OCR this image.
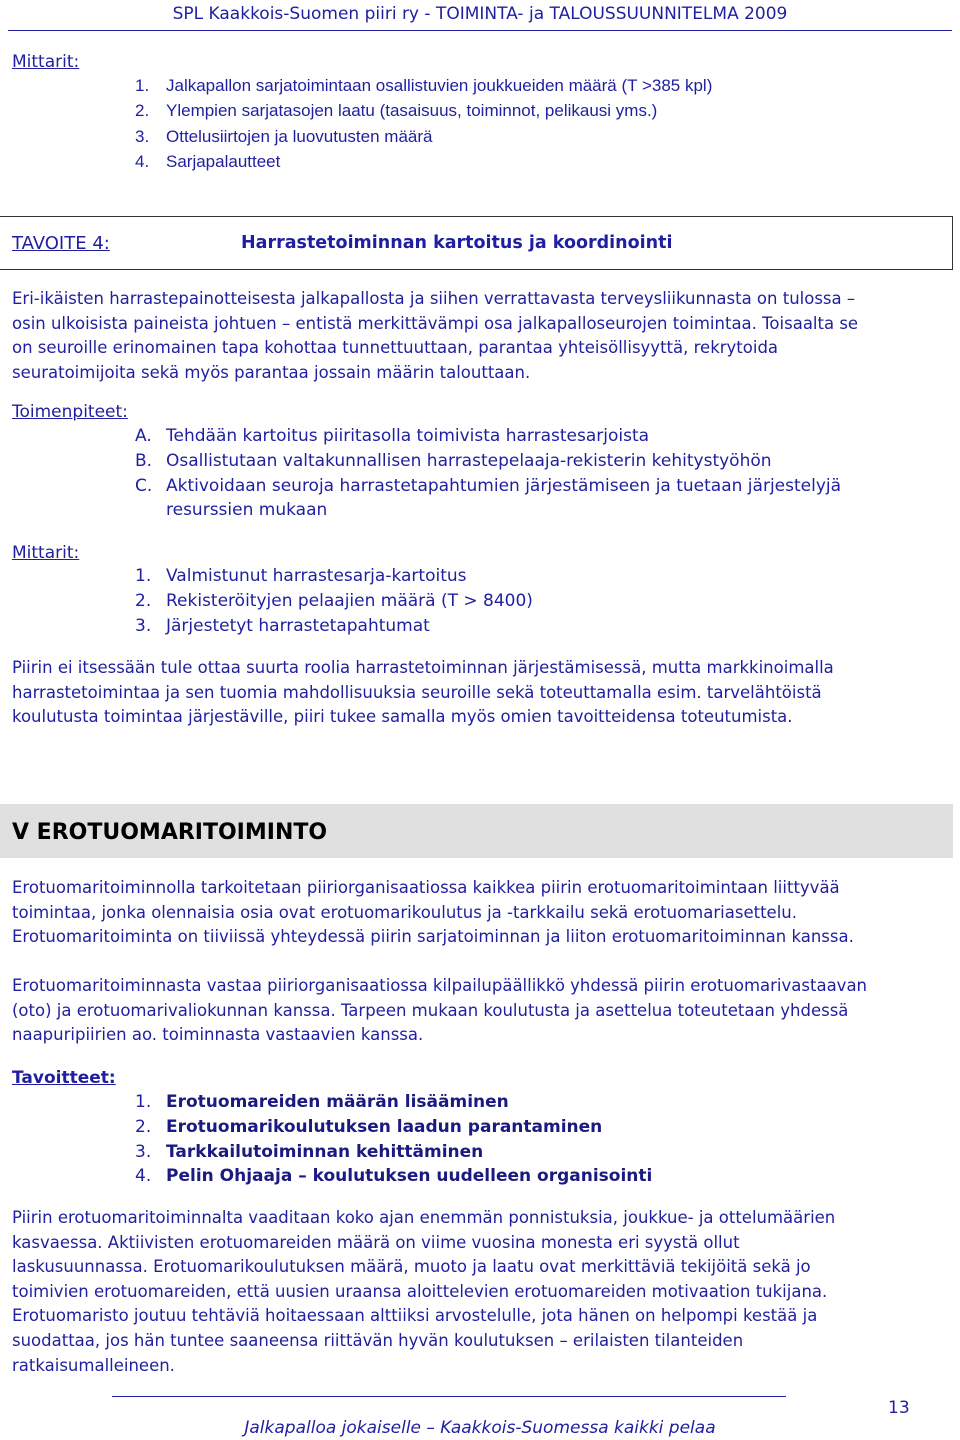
SPL Kaakkois-Suomen piiri ry - TOIMINTA- ja TALOUSSUUNNITELMA 2009
Mittarit:
1. Jalkapallon sarjatoimintaan osallistuvien joukkueiden määrä (T >385 kpl)
2. Ylempien sarjatasojen laatu (tasaisuus, toiminnot, pelikausi yms.)
3. Ottelusiirtojen ja luovutusten määrä
4. Sarjapalautteet
TAVOITE 4:	Harrastetoiminnan kartoitus ja koordinointi
Eri-ikäisten harrastepainotteisesta jalkapallosta ja siihen verrattavasta terveysliikunnasta on tulossa –
osin ulkoisista paineista johtuen – entistä merkittävämpi osa jalkapalloseurojen toimintaa. Toisaalta se
on seuroille erinomainen tapa kohottaa tunnettuuttaan, parantaa yhteisöllisyyttä, rekrytoida
seuratoimijoita sekä myös parantaa jossain määrin talouttaan.
Toimenpiteet:
A. Tehdään kartoitus piiritasolla toimivista harrastesarjoista
B. Osallistutaan valtakunnallisen harrastepelaaja-rekisterin kehitystyöhön
C. Aktivoidaan seuroja harrastetapahtumien järjestämiseen ja tuetaan järjestelyjä
resurssien mukaan
Mittarit:
1. Valmistunut harrastesarja-kartoitus
2. Rekisteröityjen pelaajien määrä (T > 8400)
3. Järjestetyt harrastetapahtumat
Piirin ei itsessään tule ottaa suurta roolia harrastetoiminnan järjestämisessä, mutta markkinoimalla
harrastetoimintaa ja sen tuomia mahdollisuuksia seuroille sekä toteuttamalla esim. tarvelähtöistä
koulutusta toimintaa järjestäville, piiri tukee samalla myös omien tavoitteidensa toteutumista.
V EROTUOMARITOIMINTO
Erotuomaritoiminnolla tarkoitetaan piiriorganisaatiossa kaikkea piirin erotuomaritoimintaan liittyvää
toimintaa, jonka olennaisia osia ovat erotuomarikoulutus ja -tarkkailu sekä erotuomariasettelu.
Erotuomaritoiminta on tiiviissä yhteydessä piirin sarjatoiminnan ja liiton erotuomaritoiminnan kanssa.
Erotuomaritoiminnasta vastaa piiriorganisaatiossa kilpailupäällikkö yhdessä piirin erotuomarivastaavan
(oto) ja erotuomarivaliokunnan kanssa. Tarpeen mukaan koulutusta ja asettelua toteutetaan yhdessä
naapuripiirien ao. toiminnasta vastaavien kanssa.
Tavoitteet:
1. Erotuomareiden määrän lisääminen
2. Erotuomarikoulutuksen laadun parantaminen
3. Tarkkailutoiminnan kehittäminen
4. Pelin Ohjaaja – koulutuksen uudelleen organisointi
Piirin erotuomaritoiminnalta vaaditaan koko ajan enemmän ponnistuksia, joukkue- ja ottelumäärien
kasvaessa. Aktiivisten erotuomareiden määrä on viime vuosina monesta eri syystä ollut
laskusuunnassa. Erotuomarikoulutuksen määrä, muoto ja laatu ovat merkittäviä tekijöitä sekä jo
toimivien erotuomareiden, että uusien uraansa aloittelevien erotuomareiden motivaation tukijana.
Erotuomaristo joutuu tehtäviä hoitaessaan alttiiksi arvostelulle, jota hänen on helpompi kestää ja
suodattaa, jos hän tuntee saaneensa riittävän hyvän koulutuksen – erilaisten tilanteiden
ratkaisumalleineen.
13
Jalkapalloa jokaiselle – Kaakkois-Suomessa kaikki pelaa
